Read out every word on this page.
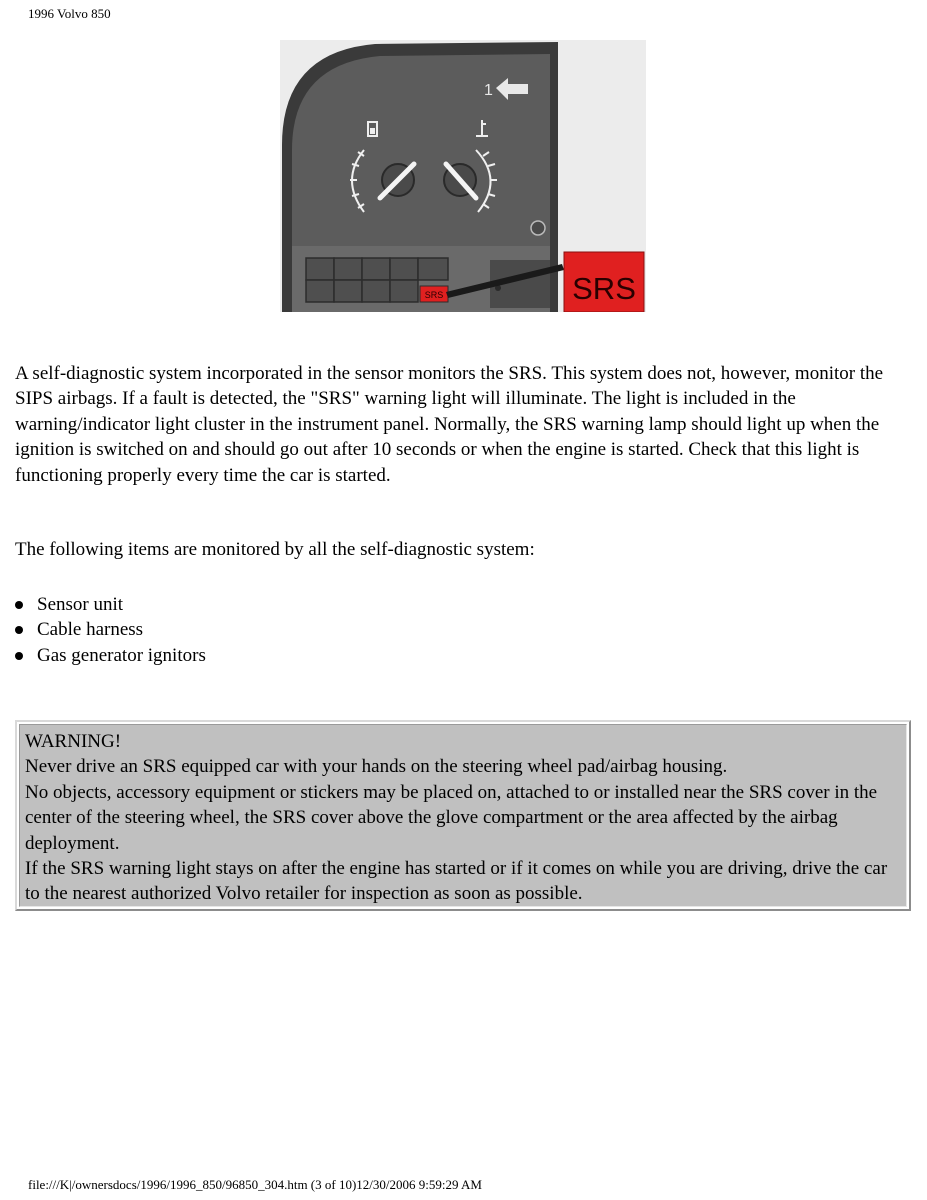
1996 Volvo 850
1
SRS	SRS

A self-diagnostic system incorporated in the sensor monitors the SRS. This system does not, however, monitor the SIPS airbags. If a fault is detected, the "SRS" warning light will illuminate. The light is included in the warning/indicator light cluster in the instrument panel. Normally, the SRS warning lamp should light up when the ignition is switched on and should go out after 10 seconds or when the engine is started. Check that this light is functioning properly every time the car is started.

The following items are monitored by all the self-diagnostic system:

Sensor unit
Cable harness
Gas generator ignitors
WARNING!
Never drive an SRS equipped car with your hands on the steering wheel pad/airbag housing.
No objects, accessory equipment or stickers may be placed on, attached to or installed near the SRS cover in the center of the steering wheel, the SRS cover above the glove compartment or the area affected by the airbag deployment.
If the SRS warning light stays on after the engine has started or if it comes on while you are driving, drive the car to the nearest authorized Volvo retailer for inspection as soon as possible.
file:///K|/ownersdocs/1996/1996_850/96850_304.htm (3 of 10)12/30/2006 9:59:29 AM
